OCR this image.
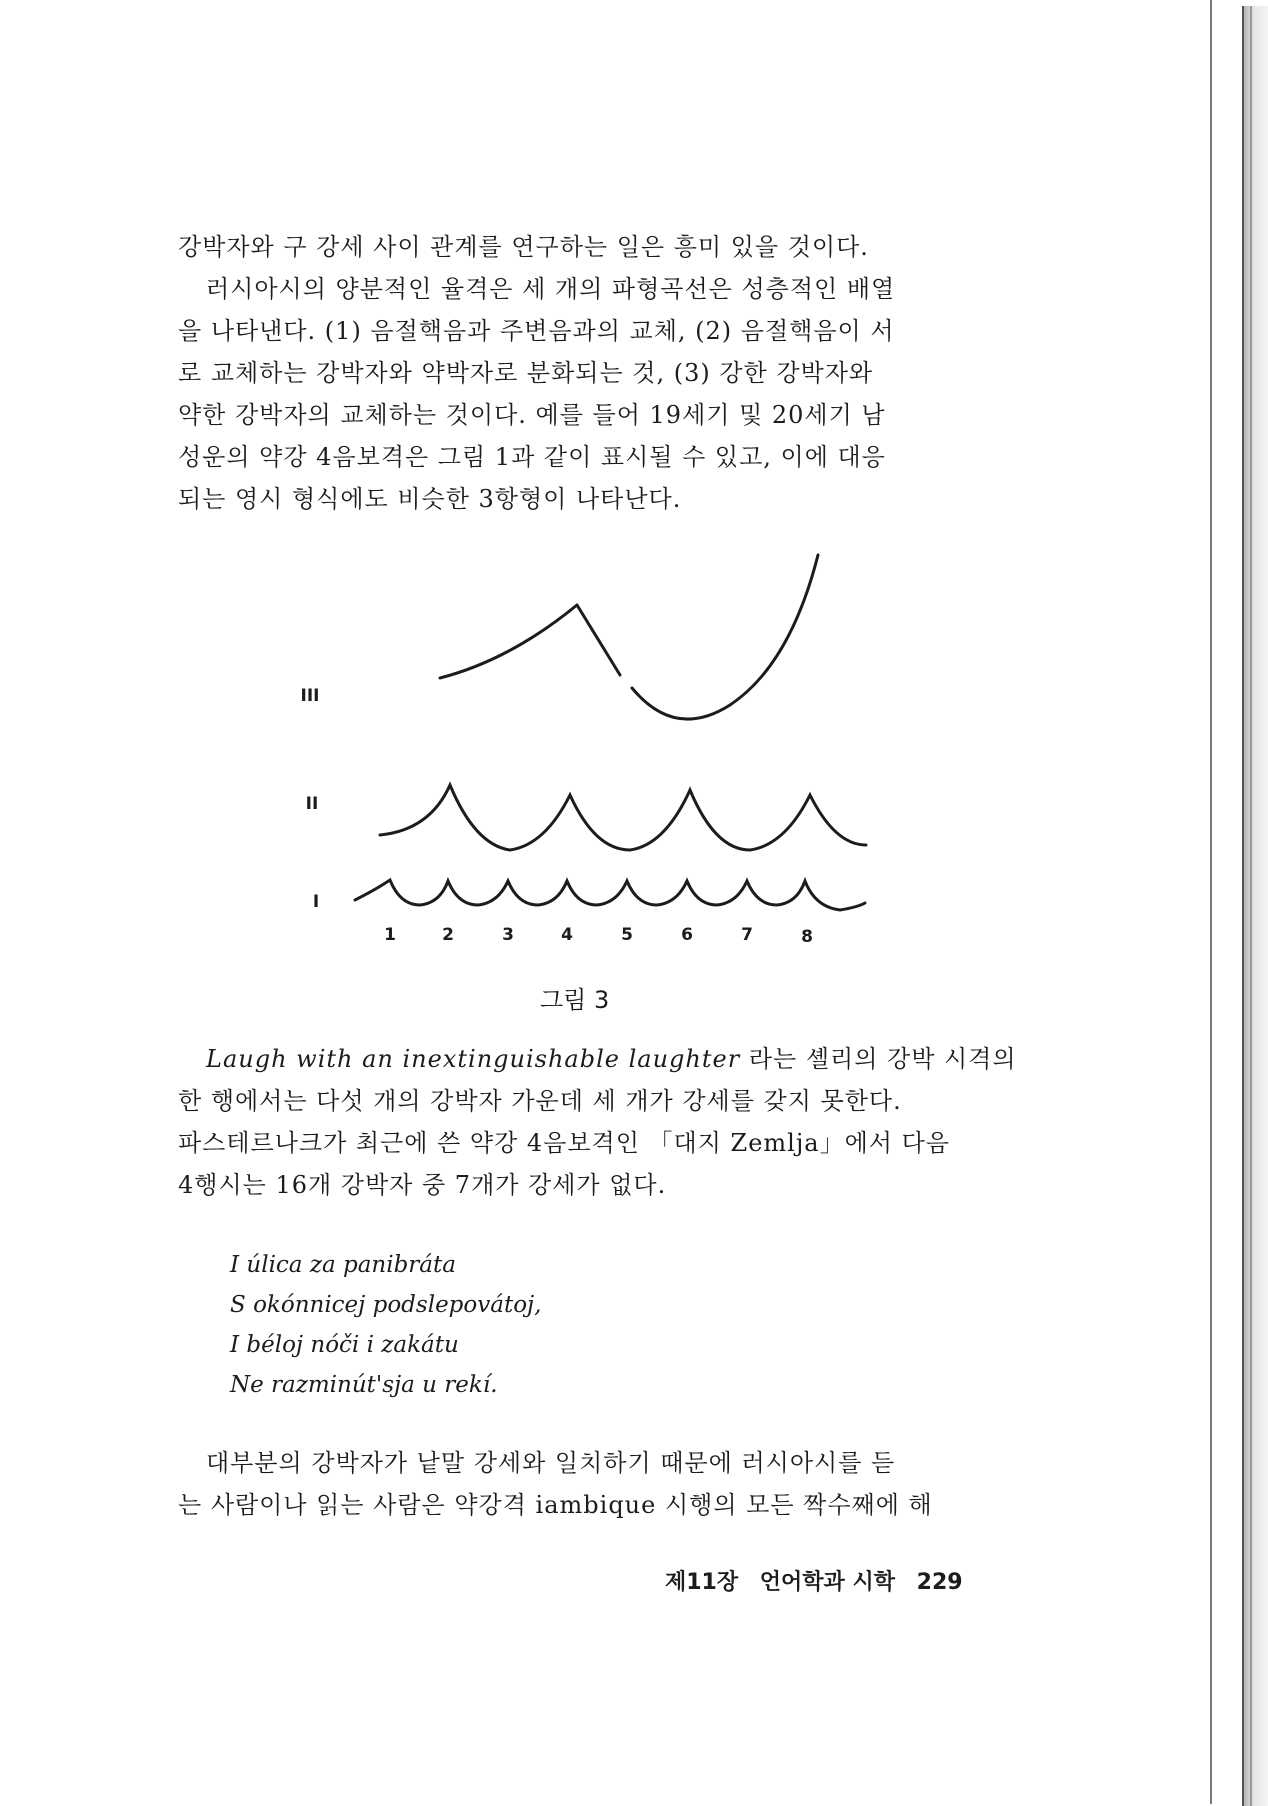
강박자와 구 강세 사이 관계를 연구하는 일은 흥미 있을 것이다.

러시아시의 양분적인 율격은 세 개의 파형곡선은 성층적인 배열
을 나타낸다. (1) 음절핵음과 주변음과의 교체, (2) 음절핵음이 서
로 교체하는 강박자와 약박자로 분화되는 것, (3) 강한 강박자와
약한 강박자의 교체하는 것이다. 예를 들어 19세기 및 20세기 남
성운의 약강 4음보격은 그림 1과 같이 표시될 수 있고, 이에 대응
되는 영시 형식에도 비슷한 3항형이 나타난다.

III
II
I
1	2	3	4	5	6	7	8
그림 3

Laugh with an inextinguishable laughter 라는 셸리의 강박 시격의
한 행에서는 다섯 개의 강박자 가운데 세 개가 강세를 갖지 못한다.
파스테르나크가 최근에 쓴 약강 4음보격인 「대지 Zemlja」에서 다음
4행시는 16개 강박자 중 7개가 강세가 없다.

I úlica za panibráta
S okónnicej podslepovátoj,
I béloj nóči i zakátu
Ne razminút'sja u rekí.

대부분의 강박자가 낱말 강세와 일치하기 때문에 러시아시를 듣
는 사람이나 읽는 사람은 약강격 iambique 시행의 모든 짝수째에 해

제11장 언어학과 시학 229
